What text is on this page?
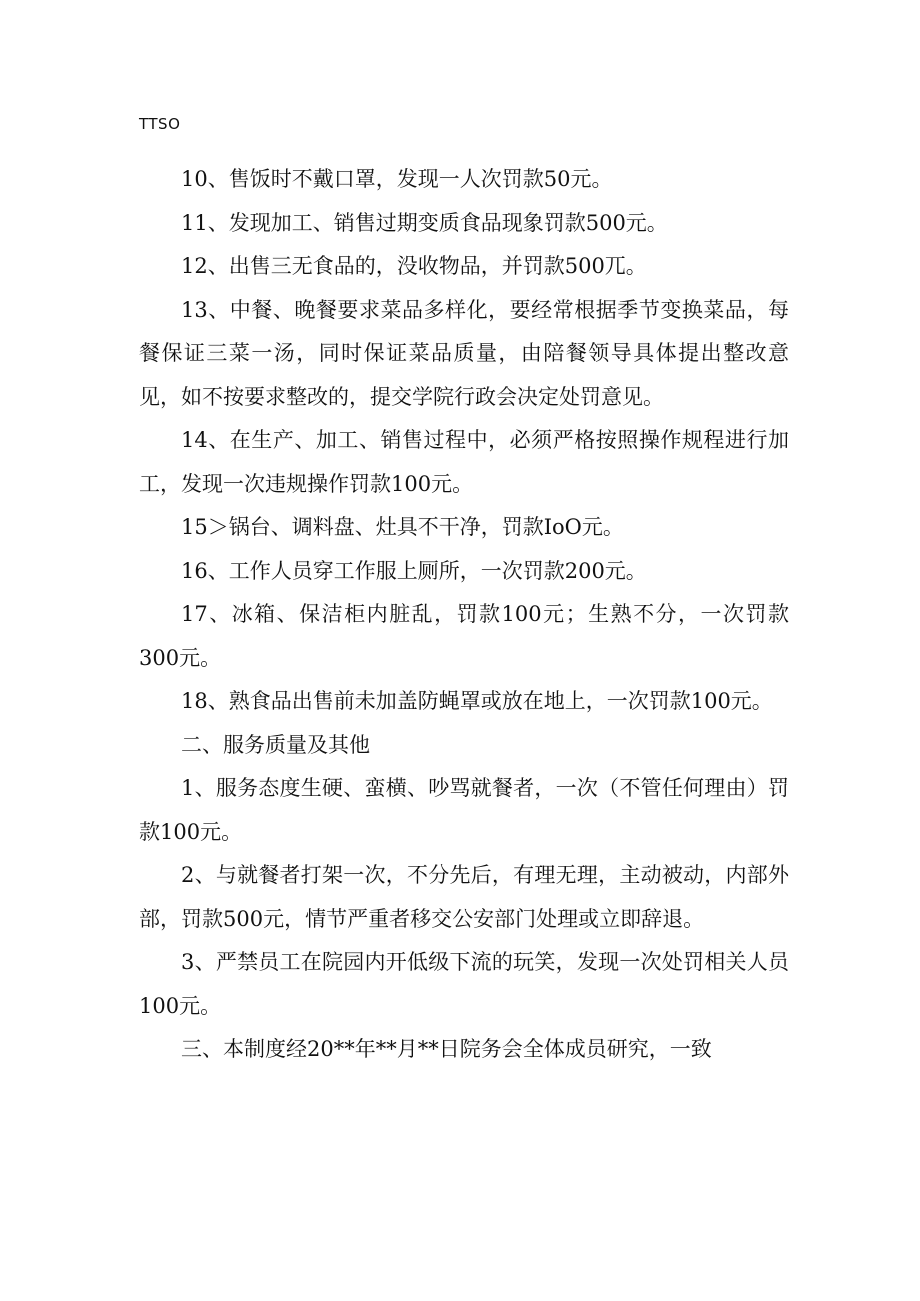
TTSO

10、售饭时不戴口罩，发现一人次罚款50元。

11、发现加工、销售过期变质食品现象罚款500元。

12、出售三无食品的，没收物品，并罚款500兀。

13、中餐、晚餐要求菜品多样化，要经常根据季节变换菜品，每餐保证三菜一汤，同时保证菜品质量，由陪餐领导具体提出整改意见，如不按要求整改的，提交学院行政会决定处罚意见。

14、在生产、加工、销售过程中，必须严格按照操作规程进行加工，发现一次违规操作罚款100元。

15＞锅台、调料盘、灶具不干净，罚款IoO元。

16、工作人员穿工作服上厕所，一次罚款200元。

17、冰箱、保洁柜内脏乱，罚款100元；生熟不分，一次罚款300元。

18、熟食品出售前未加盖防蝇罩或放在地上，一次罚款100元。

二、服务质量及其他

1、服务态度生硬、蛮横、吵骂就餐者，一次（不管任何理由）罚款100元。

2、与就餐者打架一次，不分先后，有理无理，主动被动，内部外部，罚款500元，情节严重者移交公安部门处理或立即辞退。

3、严禁员工在院园内开低级下流的玩笑，发现一次处罚相关人员100元。

三、本制度经20**年**月**日院务会全体成员研究，一致
